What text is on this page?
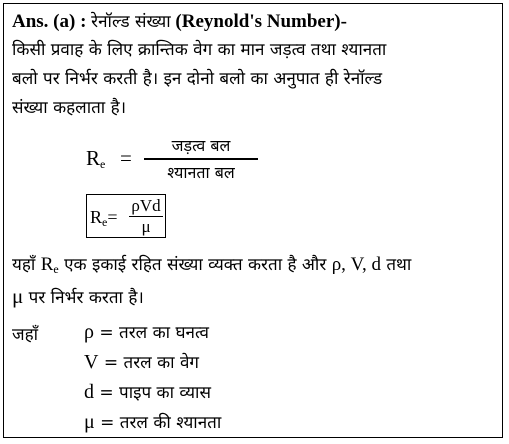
Ans. (a) : रेनॉल्ड संख्या (Reynold's Number)-
किसी प्रवाह के लिए क्रान्तिक वेग का मान जड़त्व तथा श्यानता
बलो पर निर्भर करती है। इन दोनो बलो का अनुपात ही रेनॉल्ड
संख्या कहलाता है।
$R_e$ =
जड़त्व बल
श्यानता बल
$R_e=$
ρVd
μ
यहाँ $R_e$ एक इकाई रहित संख्या व्यक्त करता है और ρ, V, d तथा
μ पर निर्भर करता है।
जहाँ ρ = तरल का घनत्व
V = तरल का वेग
d = पाइप का व्यास
μ = तरल की श्यानता
